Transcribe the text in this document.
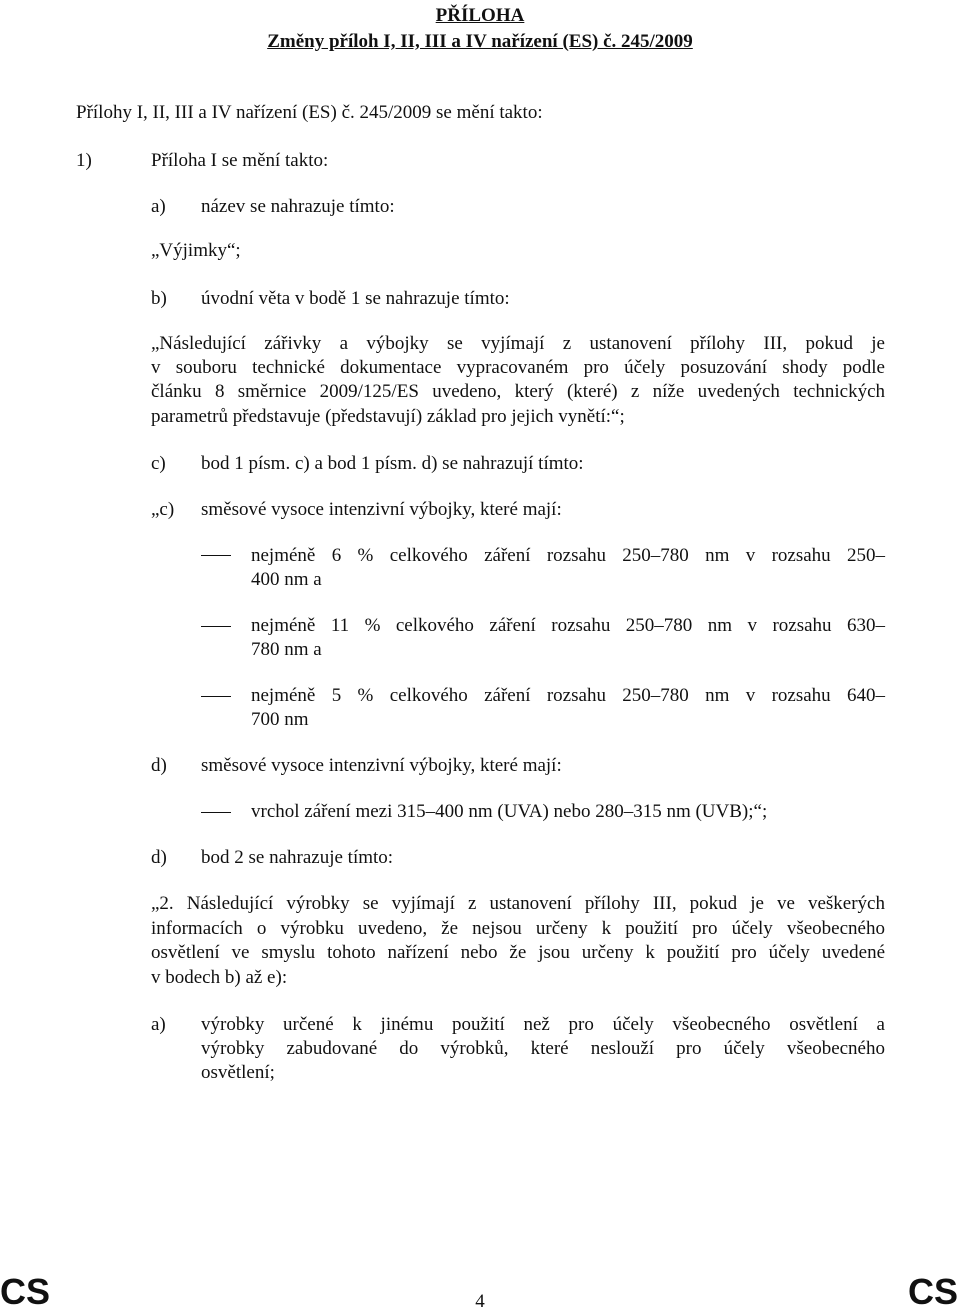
PŘÍLOHA
Změny příloh I, II, III a IV nařízení (ES) č. 245/2009
Přílohy I, II, III a IV nařízení (ES) č. 245/2009 se mění takto:
1)	Příloha I se mění takto:
a) název se nahrazuje tímto:
„Výjimky“;
b) úvodní věta v bodě 1 se nahrazuje tímto:
„Následující zářivky a výbojky se vyjímají z ustanovení přílohy III, pokud je
v souboru technické dokumentace vypracovaném pro účely posuzování shody podle
článku 8 směrnice 2009/125/ES uvedeno, který (které) z níže uvedených technických
parametrů představuje (představují) základ pro jejich vynětí:“;
c) bod 1 písm. c) a bod 1 písm. d) se nahrazují tímto:
„c) směsové vysoce intenzivní výbojky, které mají:
nejméně 6 % celkového záření rozsahu 250–780 nm v rozsahu 250–
400 nm a
nejméně 11 % celkového záření rozsahu 250–780 nm v rozsahu 630–
780 nm a
nejméně 5 % celkového záření rozsahu 250–780 nm v rozsahu 640–
700 nm
d) směsové vysoce intenzivní výbojky, které mají:
vrchol záření mezi 315–400 nm (UVA) nebo 280–315 nm (UVB);“;
d) bod 2 se nahrazuje tímto:
„2. Následující výrobky se vyjímají z ustanovení přílohy III, pokud je ve veškerých
informacích o výrobku uvedeno, že nejsou určeny k použití pro účely všeobecného
osvětlení ve smyslu tohoto nařízení nebo že jsou určeny k použití pro účely uvedené
v bodech b) až e):
a) výrobky určené k jinému použití než pro účely všeobecného osvětlení a
výrobky zabudované do výrobků, které neslouží pro účely všeobecného
osvětlení;
CS	4	CS
